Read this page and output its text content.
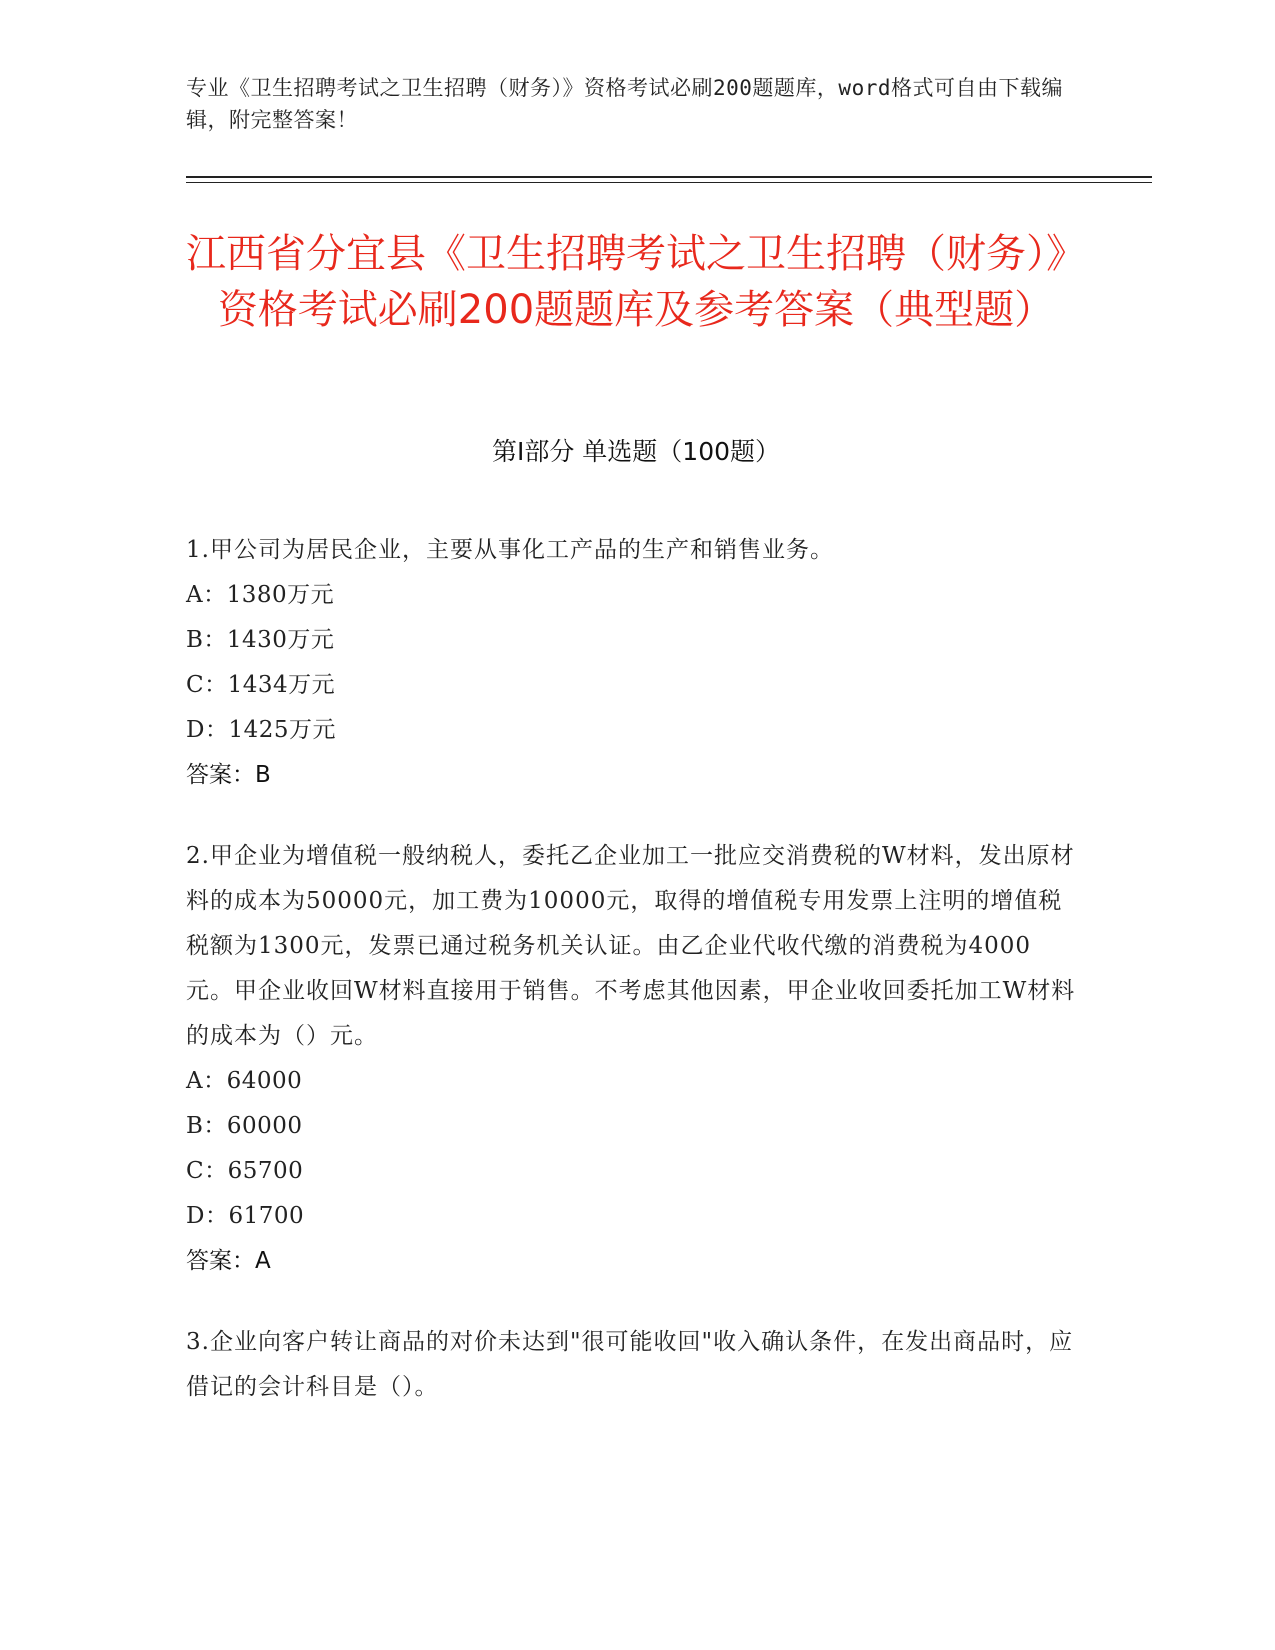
专业《卫生招聘考试之卫生招聘（财务）》资格考试必刷200题题库，word格式可自由下载编辑，附完整答案！
江西省分宜县《卫生招聘考试之卫生招聘（财务）》资格考试必刷200题题库及参考答案（典型题）
第I部分 单选题（100题）
1.甲公司为居民企业，主要从事化工产品的生产和销售业务。
A：1380万元
B：1430万元
C：1434万元
D：1425万元
答案：B
2.甲企业为增值税一般纳税人，委托乙企业加工一批应交消费税的W材料，发出原材料的成本为50000元，加工费为10000元，取得的增值税专用发票上注明的增值税税额为1300元，发票已通过税务机关认证。由乙企业代收代缴的消费税为4000元。甲企业收回W材料直接用于销售。不考虑其他因素，甲企业收回委托加工W材料的成本为（）元。
A：64000
B：60000
C：65700
D：61700
答案：A
3.企业向客户转让商品的对价未达到"很可能收回"收入确认条件，在发出商品时，应借记的会计科目是（）。
